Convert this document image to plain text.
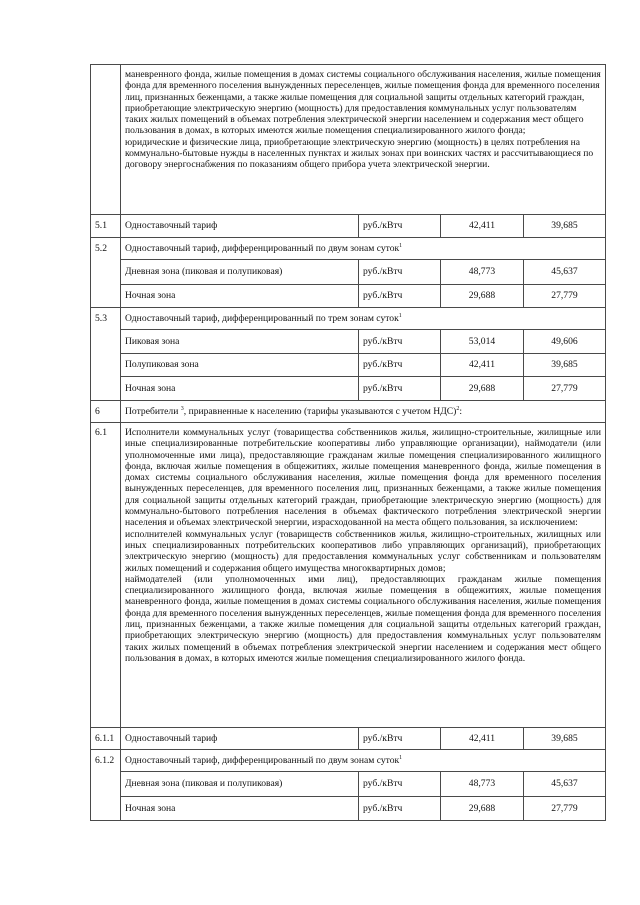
	маневренного фонда, жилые помещения в домах системы социального обслуживания населения, жилые помещения фонда для временного поселения вынужденных переселенцев, жилые помещения фонда для временного поселения лиц, признанных беженцами, а также жилые помещения для социальной защиты отдельных категорий граждан, приобретающие электрическую энергию (мощность) для предоставления коммунальных услуг пользователям таких жилых помещений в объемах потребления электрической энергии населением и содержания мест общего пользования в домах, в которых имеются жилые помещения специализированного жилого фонда;
юридические и физические лица, приобретающие электрическую энергию (мощность) в целях потребления на коммунально-бытовые нужды в населенных пунктах и жилых зонах при воинских частях и рассчитывающиеся по договору энергоснабжения по показаниям общего прибора учета электрической энергии.			

5.1	Одноставочный тариф	руб./кВтч	42,411	39,685
5.2	Одноставочный тариф, дифференцированный по двум зонам суток$^1$
	Дневная зона (пиковая и полупиковая)	руб./кВтч	48,773	45,637
	Ночная зона	руб./кВтч	29,688	27,779
5.3	Одноставочный тариф, дифференцированный по трем зонам суток$^1$
	Пиковая зона	руб./кВтч	53,014	49,606
	Полупиковая зона	руб./кВтч	42,411	39,685
	Ночная зона	руб./кВтч	29,688	27,779
6	Потребители $^3$, приравненные к населению (тарифы указываются с учетом НДС)$^2$:			
6.1	Исполнители коммунальных услуг (товарищества собственников жилья, жилищно-строительные, жилищные или иные специализированные потребительские кооперативы либо управляющие организации), наймодатели (или уполномоченные ими лица), предоставляющие гражданам жилые помещения специализированного жилищного фонда, включая жилые помещения в общежитиях, жилые помещения маневренного фонда, жилые помещения в домах системы социального обслуживания населения, жилые помещения фонда для временного поселения вынужденных переселенцев, для временного поселения лиц, признанных беженцами, а также жилые помещения для социальной защиты отдельных категорий граждан, приобретающие электрическую энергию (мощность) для коммунально-бытового потребления населения в объемах фактического потребления электрической энергии населения и объемах электрической энергии, израсходованной на места общего пользования, за исключением:
исполнителей коммунальных услуг (товариществ собственников жилья, жилищно-строительных, жилищных или иных специализированных потребительских кооперативов либо управляющих организаций), приобретающих электрическую энергию (мощность) для предоставления коммунальных услуг собственникам и пользователям жилых помещений и содержания общего имущества многоквартирных домов;
наймодателей (или уполномоченных ими лиц), предоставляющих гражданам жилые помещения специализированного жилищного фонда, включая жилые помещения в общежитиях, жилые помещения маневренного фонда, жилые помещения в домах системы социального обслуживания населения, жилые помещения фонда для временного поселения вынужденных переселенцев, жилые помещения фонда для временного поселения лиц, признанных беженцами, а также жилые помещения для социальной защиты отдельных категорий граждан, приобретающих электрическую энергию (мощность) для предоставления коммунальных услуг пользователям таких жилых помещений в объемах потребления электрической энергии населением и содержания мест общего пользования в домах, в которых имеются жилые помещения специализированного жилого фонда.			

6.1.1	Одноставочный тариф	руб./кВтч	42,411	39,685
6.1.2	Одноставочный тариф, дифференцированный по двум зонам суток$^1$
	Дневная зона (пиковая и полупиковая)	руб./кВтч	48,773	45,637
	Ночная зона	руб./кВтч	29,688	27,779
